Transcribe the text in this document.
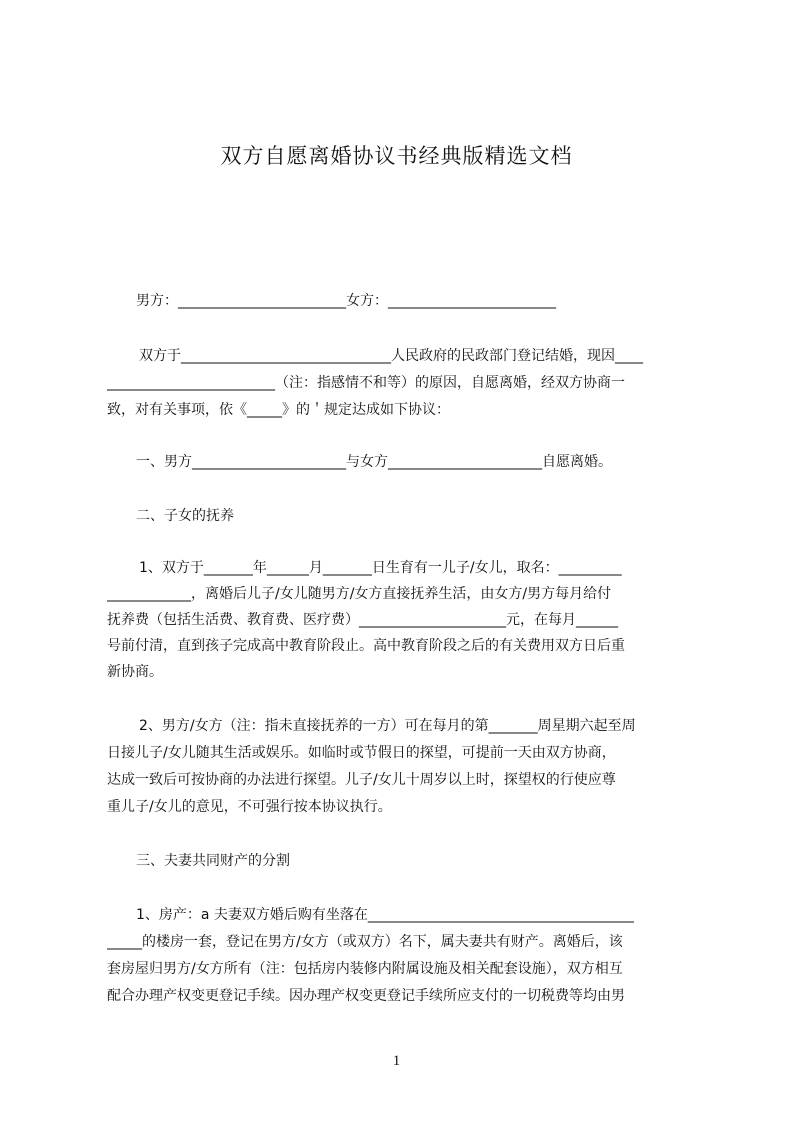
双方自愿离婚协议书经典版精选文档
男方：________________________女方：________________________
双方于______________________________人民政府的民政部门登记结婚，现因____
________________________（注：指感情不和等）的原因，自愿离婚，经双方协商一
致，对有关事项，依《_____》的＇规定达成如下协议：
一、男方______________________与女方______________________自愿离婚。
二、子女的抚养
1、双方于_______年______月_______日生育有一儿子/女儿，取名：_________
____________，离婚后儿子/女儿随男方/女方直接抚养生活，由女方/男方每月给付
抚养费（包括生活费、教育费、医疗费）_____________________元，在每月______
号前付清，直到孩子完成高中教育阶段止。高中教育阶段之后的有关费用双方日后重
新协商。
2、男方/女方（注：指未直接抚养的一方）可在每月的第_______周星期六起至周
日接儿子/女儿随其生活或娱乐。如临时或节假日的探望，可提前一天由双方协商，
达成一致后可按协商的办法进行探望。儿子/女儿十周岁以上时，探望权的行使应尊
重儿子/女儿的意见，不可强行按本协议执行。
三、夫妻共同财产的分割
1、房产：a 夫妻双方婚后购有坐落在______________________________________
_____的楼房一套，登记在男方/女方（或双方）名下，属夫妻共有财产。离婚后，该
套房屋归男方/女方所有（注：包括房内装修内附属设施及相关配套设施），双方相互
配合办理产权变更登记手续。因办理产权变更登记手续所应支付的一切税费等均由男
1
